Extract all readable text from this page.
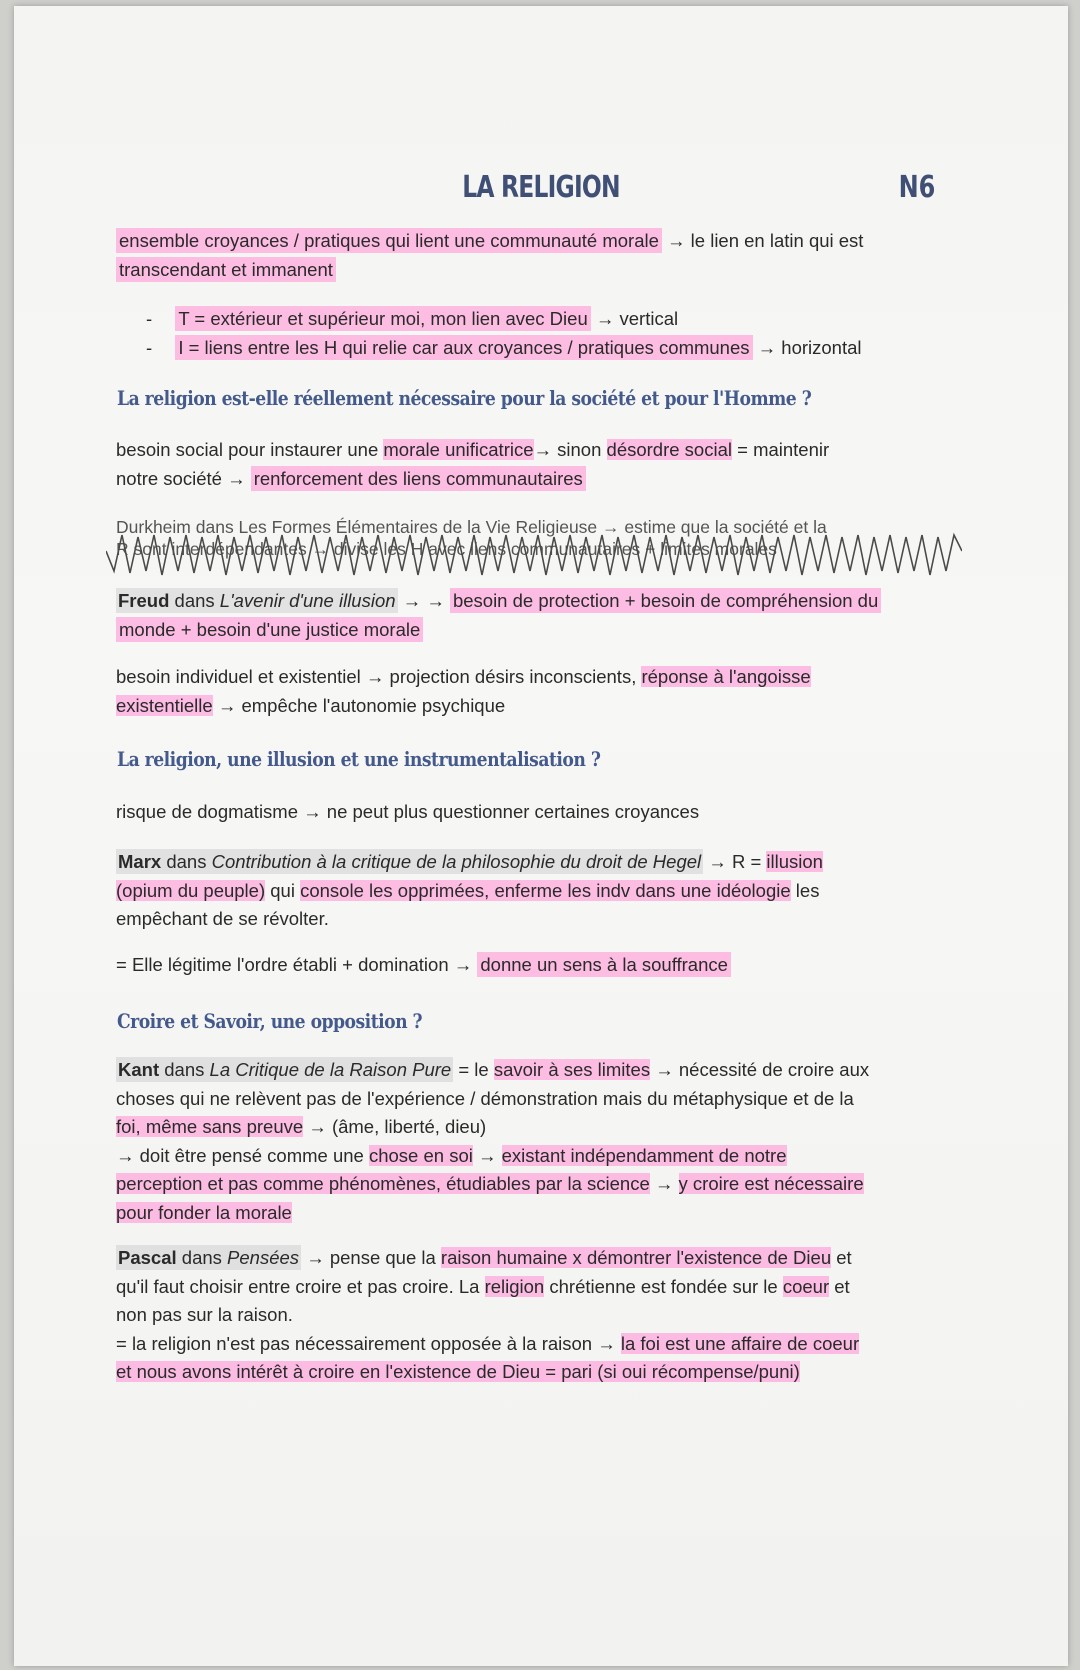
LA RELIGION	N6
ensemble croyances / pratiques qui lient une communauté morale → le lien en latin qui est
transcendant et immanent
- T = extérieur et supérieur moi, mon lien avec Dieu → vertical
- I = liens entre les H qui relie car aux croyances / pratiques communes → horizontal
La religion est-elle réellement nécessaire pour la société et pour l'Homme ?
besoin social pour instaurer une morale unificatrice→ sinon désordre social = maintenir
notre société → renforcement des liens communautaires
Durkheim dans Les Formes Élémentaires de la Vie Religieuse → estime que la société et la
R sont interdépendantes → divise les H avec liens communautaires + limites morales
Freud dans L'avenir d'une illusion → → besoin de protection + besoin de compréhension du
monde + besoin d'une justice morale
besoin individuel et existentiel → projection désirs inconscients, réponse à l'angoisse
existentielle → empêche l'autonomie psychique
La religion, une illusion et une instrumentalisation ?
risque de dogmatisme → ne peut plus questionner certaines croyances
Marx dans Contribution à la critique de la philosophie du droit de Hegel → R = illusion
(opium du peuple) qui console les opprimées, enferme les indv dans une idéologie les
empêchant de se révolter.
= Elle légitime l'ordre établi + domination → donne un sens à la souffrance
Croire et Savoir, une opposition ?
Kant dans La Critique de la Raison Pure = le savoir à ses limites → nécessité de croire aux
choses qui ne relèvent pas de l'expérience / démonstration mais du métaphysique et de la
foi, même sans preuve → (âme, liberté, dieu)
→ doit être pensé comme une chose en soi → existant indépendamment de notre
perception et pas comme phénomènes, étudiables par la science → y croire est nécessaire
pour fonder la morale
Pascal dans Pensées → pense que la raison humaine x démontrer l'existence de Dieu et
qu'il faut choisir entre croire et pas croire. La religion chrétienne est fondée sur le coeur et
non pas sur la raison.
= la religion n'est pas nécessairement opposée à la raison → la foi est une affaire de coeur
et nous avons intérêt à croire en l'existence de Dieu = pari (si oui récompense/puni)
